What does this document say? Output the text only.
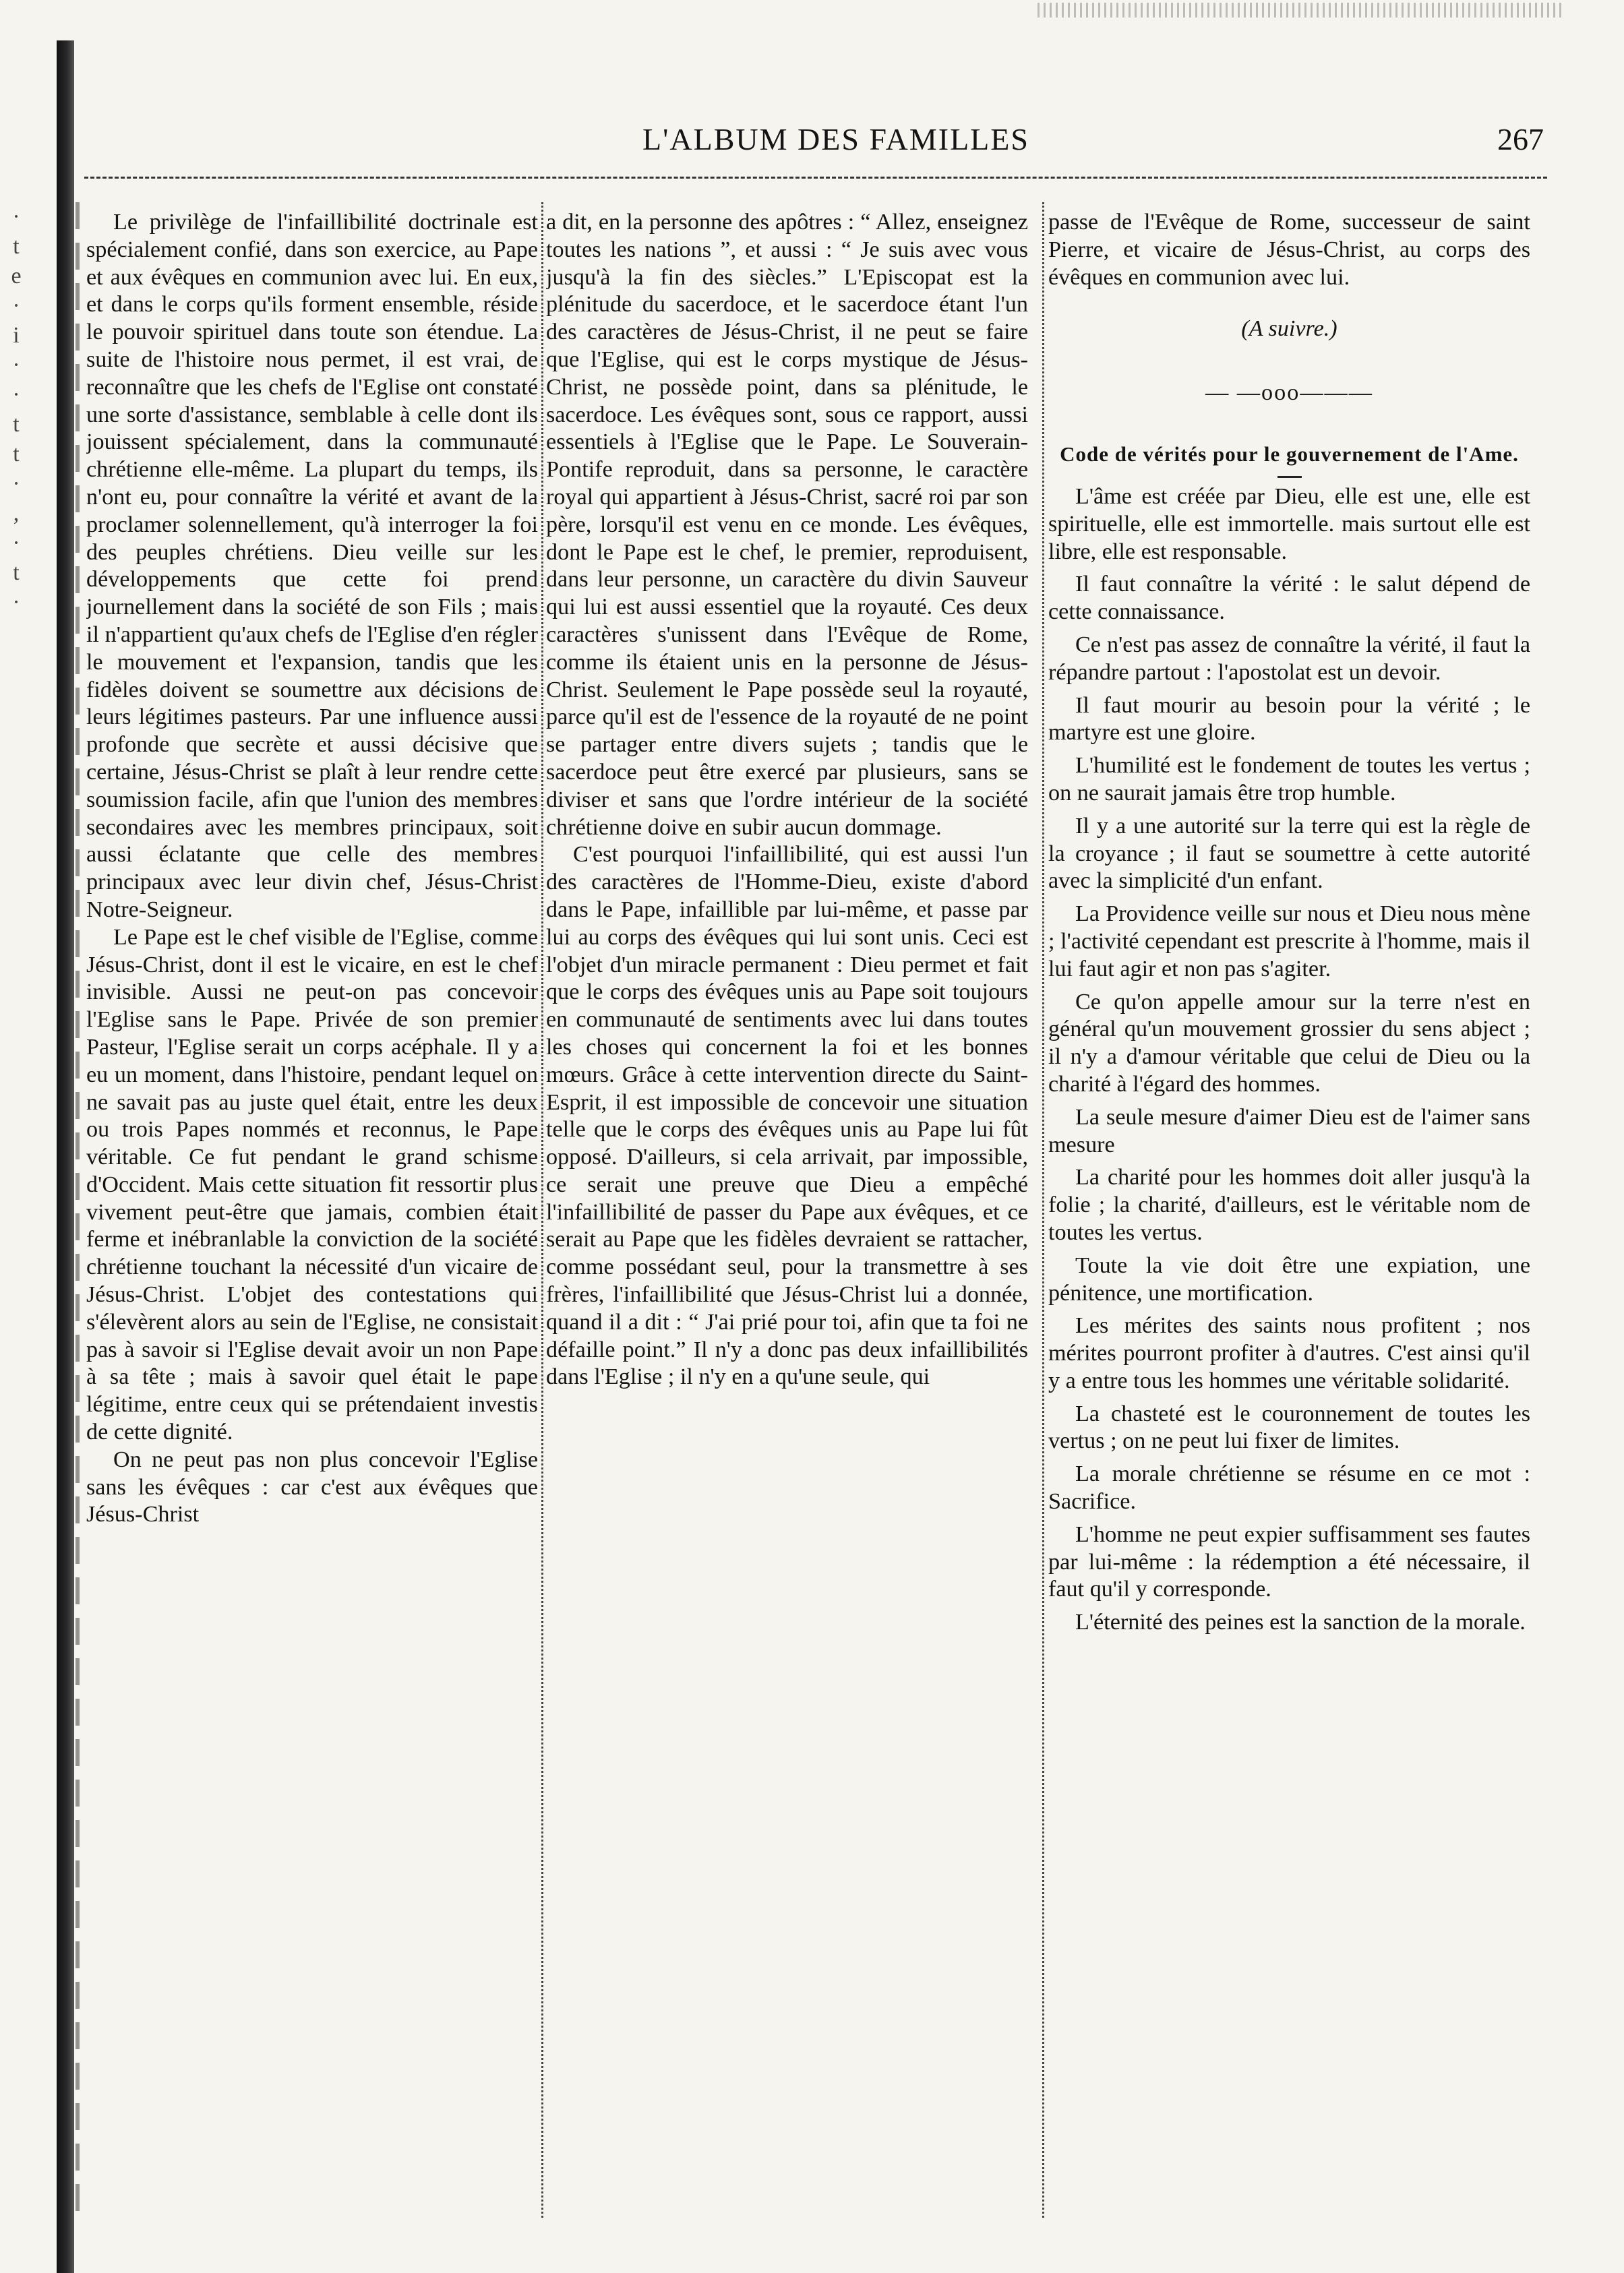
·
t
e
·
i
·
·
t
t
·
,
·
t
·
L'ALBUM DES FAMILLES	267

Le privilège de l'infaillibilité doctrinale est spécialement confié, dans son exercice, au Pape et aux évêques en communion avec lui. En eux, et dans le corps qu'ils forment ensemble, réside le pouvoir spirituel dans toute son étendue. La suite de l'histoire nous permet, il est vrai, de reconnaître que les chefs de l'Eglise ont constaté une sorte d'assistance, semblable à celle dont ils jouissent spécialement, dans la communauté chrétienne elle-même. La plupart du temps, ils n'ont eu, pour connaître la vérité et avant de la proclamer solennellement, qu'à interroger la foi des peuples chrétiens. Dieu veille sur les développements que cette foi prend journellement dans la société de son Fils ; mais il n'appartient qu'aux chefs de l'Eglise d'en régler le mouvement et l'expansion, tandis que les fidèles doivent se soumettre aux décisions de leurs légitimes pasteurs. Par une influence aussi profonde que secrète et aussi décisive que certaine, Jésus-Christ se plaît à leur rendre cette soumission facile, afin que l'union des membres secondaires avec les membres principaux, soit aussi éclatante que celle des membres principaux avec leur divin chef, Jésus-Christ Notre-Seigneur.

Le Pape est le chef visible de l'Eglise, comme Jésus-Christ, dont il est le vicaire, en est le chef invisible. Aussi ne peut-on pas concevoir l'Eglise sans le Pape. Privée de son premier Pasteur, l'Eglise serait un corps acéphale. Il y a eu un moment, dans l'histoire, pendant lequel on ne savait pas au juste quel était, entre les deux ou trois Papes nommés et reconnus, le Pape véritable. Ce fut pendant le grand schisme d'Occident. Mais cette situation fit ressortir plus vivement peut-être que jamais, combien était ferme et inébranlable la conviction de la société chrétienne touchant la nécessité d'un vicaire de Jésus-Christ. L'objet des contestations qui s'élevèrent alors au sein de l'Eglise, ne consistait pas à savoir si l'Eglise devait avoir un non Pape à sa tête ; mais à savoir quel était le pape légitime, entre ceux qui se prétendaient investis de cette dignité.

On ne peut pas non plus concevoir l'Eglise sans les évêques : car c'est aux évêques que Jésus-Christ

a dit, en la personne des apôtres : “ Allez, enseignez toutes les nations ”, et aussi : “ Je suis avec vous jusqu'à la fin des siècles.” L'Episcopat est la plénitude du sacerdoce, et le sacerdoce étant l'un des caractères de Jésus-Christ, il ne peut se faire que l'Eglise, qui est le corps mystique de Jésus-Christ, ne possède point, dans sa plénitude, le sacerdoce. Les évêques sont, sous ce rapport, aussi essentiels à l'Eglise que le Pape. Le Souverain-Pontife reproduit, dans sa personne, le caractère royal qui appartient à Jésus-Christ, sacré roi par son père, lorsqu'il est venu en ce monde. Les évêques, dont le Pape est le chef, le premier, reproduisent, dans leur personne, un caractère du divin Sauveur qui lui est aussi essentiel que la royauté. Ces deux caractères s'unissent dans l'Evêque de Rome, comme ils étaient unis en la personne de Jésus-Christ. Seulement le Pape possède seul la royauté, parce qu'il est de l'essence de la royauté de ne point se partager entre divers sujets ; tandis que le sacerdoce peut être exercé par plusieurs, sans se diviser et sans que l'ordre intérieur de la société chrétienne doive en subir aucun dommage.

C'est pourquoi l'infaillibilité, qui est aussi l'un des caractères de l'Homme-Dieu, existe d'abord dans le Pape, infaillible par lui-même, et passe par lui au corps des évêques qui lui sont unis. Ceci est l'objet d'un miracle permanent : Dieu permet et fait que le corps des évêques unis au Pape soit toujours en communauté de sentiments avec lui dans toutes les choses qui concernent la foi et les bonnes mœurs. Grâce à cette intervention directe du Saint-Esprit, il est impossible de concevoir une situation telle que le corps des évêques unis au Pape lui fût opposé. D'ailleurs, si cela arrivait, par impossible, ce serait une preuve que Dieu a empêché l'infaillibilité de passer du Pape aux évêques, et ce serait au Pape que les fidèles devraient se rattacher, comme possédant seul, pour la transmettre à ses frères, l'infaillibilité que Jésus-Christ lui a donnée, quand il a dit : “ J'ai prié pour toi, afin que ta foi ne défaille point.” Il n'y a donc pas deux infaillibilités dans l'Eglise ; il n'y en a qu'une seule, qui

passe de l'Evêque de Rome, successeur de saint Pierre, et vicaire de Jésus-Christ, au corps des évêques en communion avec lui.

(A suivre.)
— —ooo———
Code de vérités pour le gouvernement de l'Ame.

L'âme est créée par Dieu, elle est une, elle est spirituelle, elle est immortelle. mais surtout elle est libre, elle est responsable.

Il faut connaître la vérité : le salut dépend de cette connaissance.

Ce n'est pas assez de connaître la vérité, il faut la répandre partout : l'apostolat est un devoir.

Il faut mourir au besoin pour la vérité ; le martyre est une gloire.

L'humilité est le fondement de toutes les vertus ; on ne saurait jamais être trop humble.

Il y a une autorité sur la terre qui est la règle de la croyance ; il faut se soumettre à cette autorité avec la simplicité d'un enfant.

La Providence veille sur nous et Dieu nous mène ; l'activité cependant est prescrite à l'homme, mais il lui faut agir et non pas s'agiter.

Ce qu'on appelle amour sur la terre n'est en général qu'un mouvement grossier du sens abject ; il n'y a d'amour véritable que celui de Dieu ou la charité à l'égard des hommes.

La seule mesure d'aimer Dieu est de l'aimer sans mesure

La charité pour les hommes doit aller jusqu'à la folie ; la charité, d'ailleurs, est le véritable nom de toutes les vertus.

Toute la vie doit être une expiation, une pénitence, une mortification.

Les mérites des saints nous profitent ; nos mérites pourront profiter à d'autres. C'est ainsi qu'il y a entre tous les hommes une véritable solidarité.

La chasteté est le couronnement de toutes les vertus ; on ne peut lui fixer de limites.

La morale chrétienne se résume en ce mot : Sacrifice.

L'homme ne peut expier suffisamment ses fautes par lui-même : la rédemption a été nécessaire, il faut qu'il y corresponde.

L'éternité des peines est la sanction de la morale.
